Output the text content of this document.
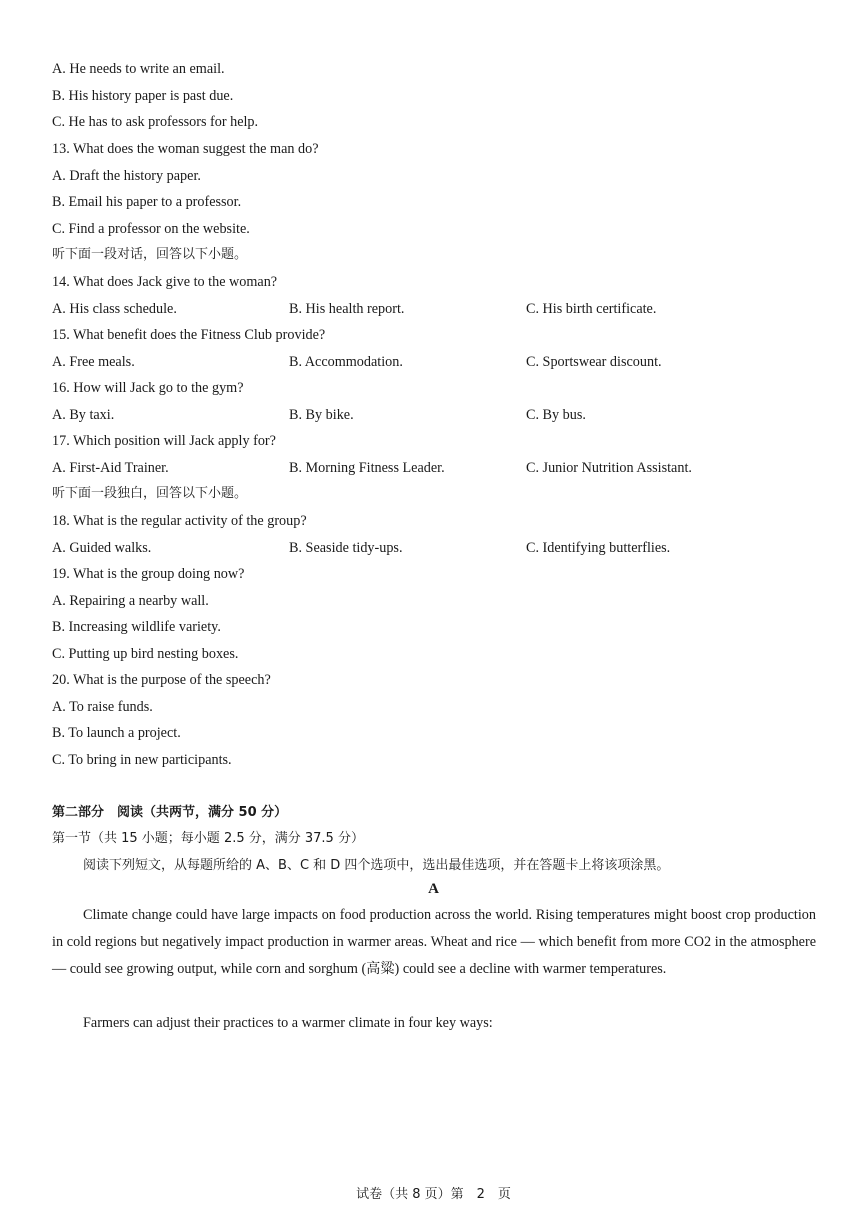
A. He needs to write an email.
B. His history paper is past due.
C. He has to ask professors for help.
13. What does the woman suggest the man do?
A. Draft the history paper.
B. Email his paper to a professor.
C. Find a professor on the website.
听下面一段对话，回答以下小题。
14. What does Jack give to the woman?
A. His class schedule.	B. His health report.	C. His birth certificate.
15. What benefit does the Fitness Club provide?
A. Free meals.	B. Accommodation.	C. Sportswear discount.
16. How will Jack go to the gym?
A. By taxi.	B. By bike.	C. By bus.
17. Which position will Jack apply for?
A. First-Aid Trainer.	B. Morning Fitness Leader.	C. Junior Nutrition Assistant.
听下面一段独白，回答以下小题。
18. What is the regular activity of the group?
A. Guided walks.	B. Seaside tidy-ups.	C. Identifying butterflies.
19. What is the group doing now?
A. Repairing a nearby wall.
B. Increasing wildlife variety.
C. Putting up bird nesting boxes.
20. What is the purpose of the speech?
A. To raise funds.
B. To launch a project.
C. To bring in new participants.
第二部分　阅读（共两节，满分 50 分）
第一节（共 15 小题；每小题 2.5 分，满分 37.5 分）
阅读下列短文，从每题所给的 A、B、C 和 D 四个选项中，选出最佳选项，并在答题卡上将该项涂黑。
A
Climate change could have large impacts on food production across the world. Rising temperatures might boost crop production in cold regions but negatively impact production in warmer areas. Wheat and rice — which benefit from more CO2 in the atmosphere — could see growing output, while corn and sorghum (高粱) could see a decline with warmer temperatures.
Farmers can adjust their practices to a warmer climate in four key ways:
试卷（共 8 页）第　2　页
